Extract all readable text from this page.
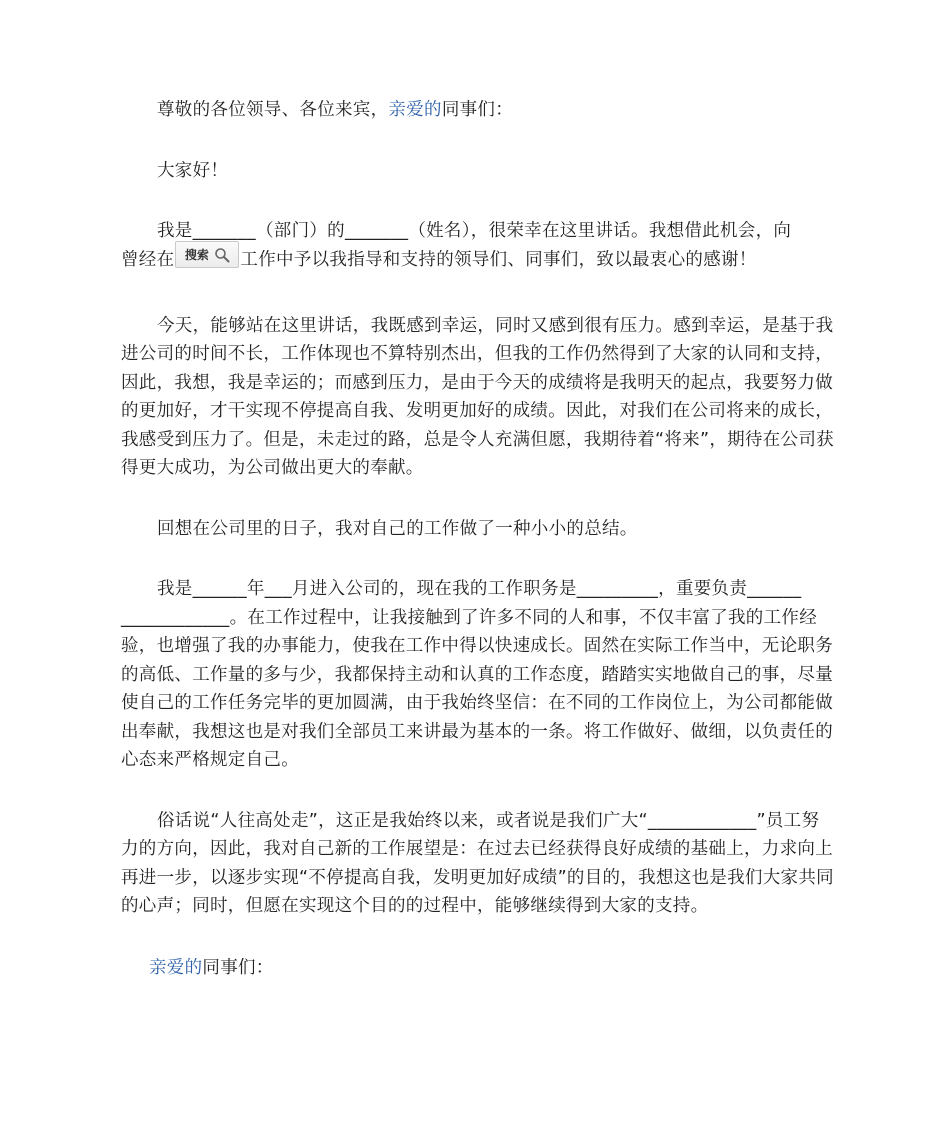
尊敬的各位领导、各位来宾，亲爱的同事们：

大家好！

我是_______（部门）的_______（姓名），很荣幸在这里讲话。我想借此机会，向

曾经在 搜索 工作中予以我指导和支持的领导们、同事们，致以最衷心的感谢！

今天，能够站在这里讲话，我既感到幸运，同时又感到很有压力。感到幸运，是基于我进公司的时间不长，工作体现也不算特别杰出，但我的工作仍然得到了大家的认同和支持，因此，我想，我是幸运的；而感到压力，是由于今天的成绩将是我明天的起点，我要努力做的更加好，才干实现不停提高自我、发明更加好的成绩。因此，对我们在公司将来的成长，我感受到压力了。但是，未走过的路，总是令人充满但愿，我期待着“将来”，期待在公司获得更大成功，为公司做出更大的奉献。

回想在公司里的日子，我对自己的工作做了一种小小的总结。

我是______年___月进入公司的，现在我的工作职务是_________，重要负责______ ____________。在工作过程中，让我接触到了许多不同的人和事，不仅丰富了我的工作经验，也增强了我的办事能力，使我在工作中得以快速成长。固然在实际工作当中，无论职务的高低、工作量的多与少，我都保持主动和认真的工作态度，踏踏实实地做自己的事，尽量使自己的工作任务完毕的更加圆满，由于我始终坚信：在不同的工作岗位上，为公司都能做出奉献，我想这也是对我们全部员工来讲最为基本的一条。将工作做好、做细，以负责任的心态来严格规定自己。

俗话说“人往高处走”，这正是我始终以来，或者说是我们广大“____________”员工努力的方向，因此，我对自己新的工作展望是：在过去已经获得良好成绩的基础上，力求向上再进一步，以逐步实现“不停提高自我，发明更加好成绩”的目的，我想这也是我们大家共同的心声；同时，但愿在实现这个目的的过程中，能够继续得到大家的支持。

亲爱的同事们：
